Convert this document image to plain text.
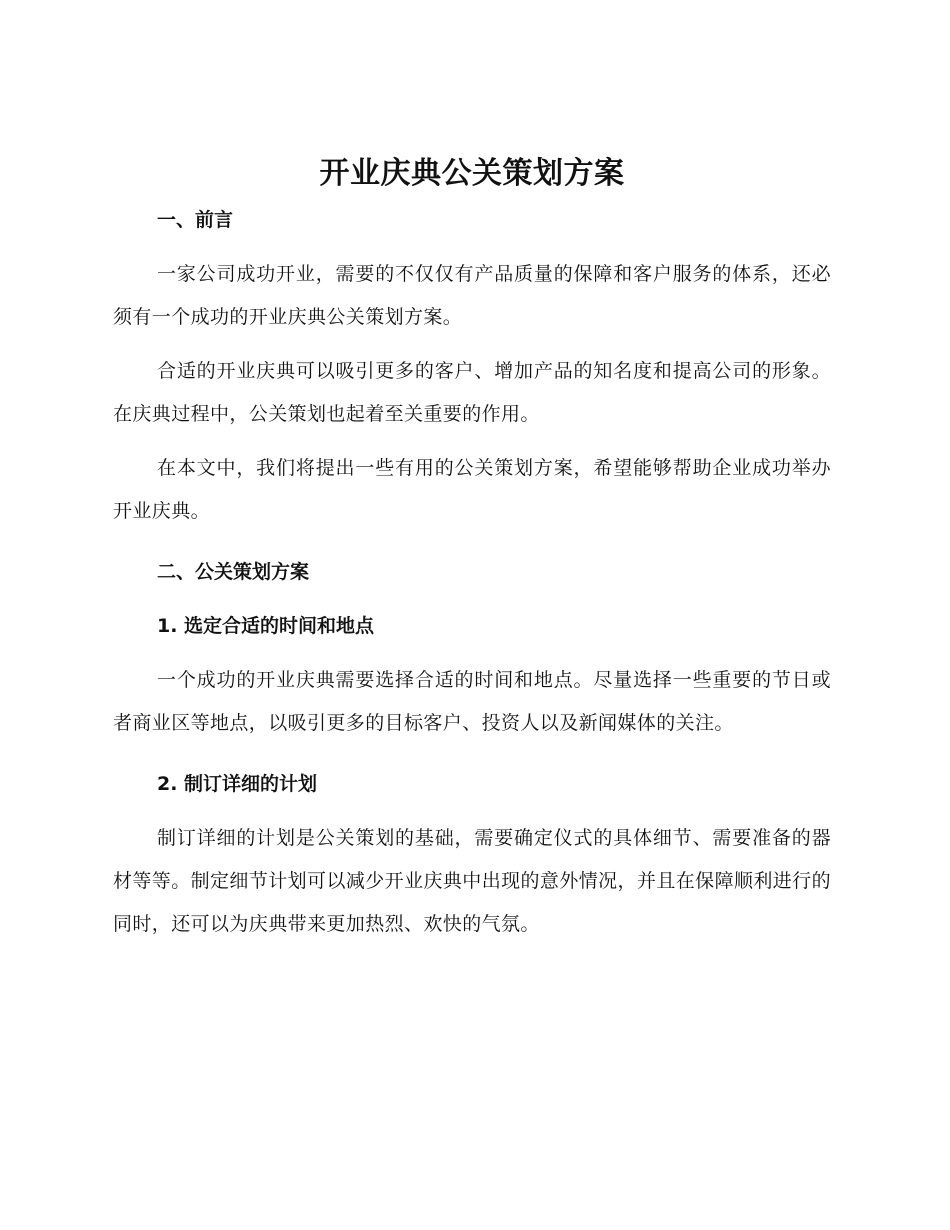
开业庆典公关策划方案
一、前言

一家公司成功开业，需要的不仅仅有产品质量的保障和客户服务的体系，还必须有一个成功的开业庆典公关策划方案。

合适的开业庆典可以吸引更多的客户、增加产品的知名度和提高公司的形象。在庆典过程中，公关策划也起着至关重要的作用。

在本文中，我们将提出一些有用的公关策划方案，希望能够帮助企业成功举办开业庆典。

二、公关策划方案
1. 选定合适的时间和地点

一个成功的开业庆典需要选择合适的时间和地点。尽量选择一些重要的节日或者商业区等地点，以吸引更多的目标客户、投资人以及新闻媒体的关注。

2. 制订详细的计划

制订详细的计划是公关策划的基础，需要确定仪式的具体细节、需要准备的器材等等。制定细节计划可以减少开业庆典中出现的意外情况，并且在保障顺利进行的同时，还可以为庆典带来更加热烈、欢快的气氛。
